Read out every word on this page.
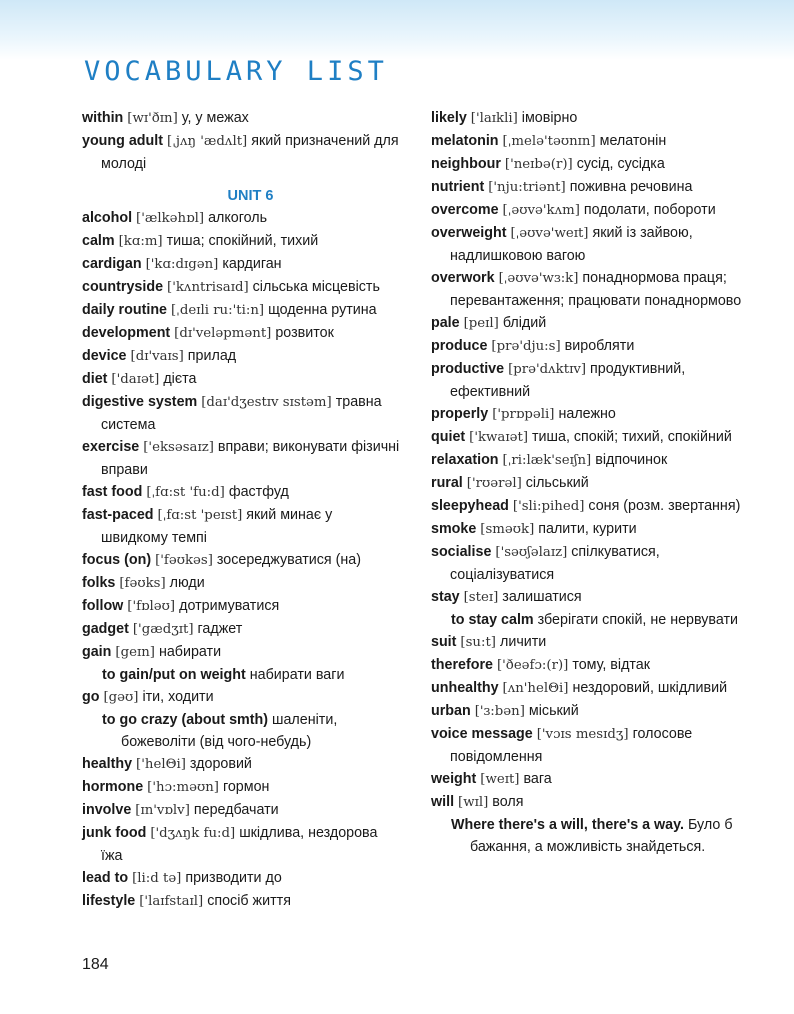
VOCABULARY LIST
within [wɪ'ðɪn] у, у межах
young adult [ˌjʌŋ 'ædʌlt] який призначений для молоді
UNIT 6
alcohol ['ælkəhɒl] алкоголь
calm [kɑ:m] тиша; спокійний, тихий
cardigan ['kɑ:dɪgən] кардиган
countryside ['kʌntrisaɪd] сільська місцевість
daily routine [ˌdeɪli ru:'ti:n] щоденна рутина
development [dɪ'veləpmənt] розвиток
device [dɪ'vaɪs] прилад
diet ['daɪət] дієта
digestive system [daɪ'dʒestɪv sɪstəm] травна система
exercise ['eksəsaɪz] вправи; виконувати фізичні вправи
fast food [ˌfɑ:st 'fu:d] фастфуд
fast-paced [ˌfɑ:st 'peɪst] який минає у швидкому темпі
focus (on) ['fəʊkəs] зосереджуватися (на)
folks [fəʊks] люди
follow ['fɒləʊ] дотримуватися
gadget ['gædʒɪt] гаджет
gain [geɪn] набирати
to gain/put on weight набирати ваги
go [gəʊ] іти, ходити
to go crazy (about smth) шаленіти, божеволіти (від чого-небудь)
healthy ['helΘi] здоровий
hormone ['hɔ:məʊn] гормон
involve [ɪn'vɒlv] передбачати
junk food ['dʒʌŋk fu:d] шкідлива, нездорова їжа
lead to [li:d tə] призводити до
lifestyle ['laɪfstaɪl] спосіб життя
likely ['laɪkli] імовірно
melatonin [ˌmelə'təʊnɪn] мелатонін
neighbour ['neɪbə(r)] сусід, сусідка
nutrient ['nju:triənt] поживна речовина
overcome [ˌəʊvə'kʌm] подолати, побороти
overweight [ˌəʊvə'weɪt] який із зайвою, надлишковою вагою
overwork [ˌəʊvə'wɜ:k] понаднормова праця; перевантаження; працювати понаднормово
pale [peɪl] блідий
produce [prə'dju:s] виробляти
productive [prə'dʌktɪv] продуктивний, ефективний
properly ['prɒpəli] належно
quiet ['kwaɪət] тиша, спокій; тихий, спокійний
relaxation [ˌri:læk'seɪʃn] відпочинок
rural ['rʊərəl] сільський
sleepyhead ['sli:pihed] соня (розм. звертання)
smoke [sməʊk] палити, курити
socialise ['səʊʃəlaɪz] спілкуватися, соціалізуватися
stay [steɪ] залишатися
to stay calm зберігати спокій, не нервувати
suit [su:t] личити
therefore ['ðeəfɔ:(r)] тому, відтак
unhealthy [ʌn'helΘi] нездоровий, шкідливий
urban ['ɜ:bən] міський
voice message ['vɔɪs mesɪdʒ] голосове повідомлення
weight [weɪt] вага
will [wɪl] воля
Where there's a will, there's a way. Було б бажання, а можливість знайдеться.
184
